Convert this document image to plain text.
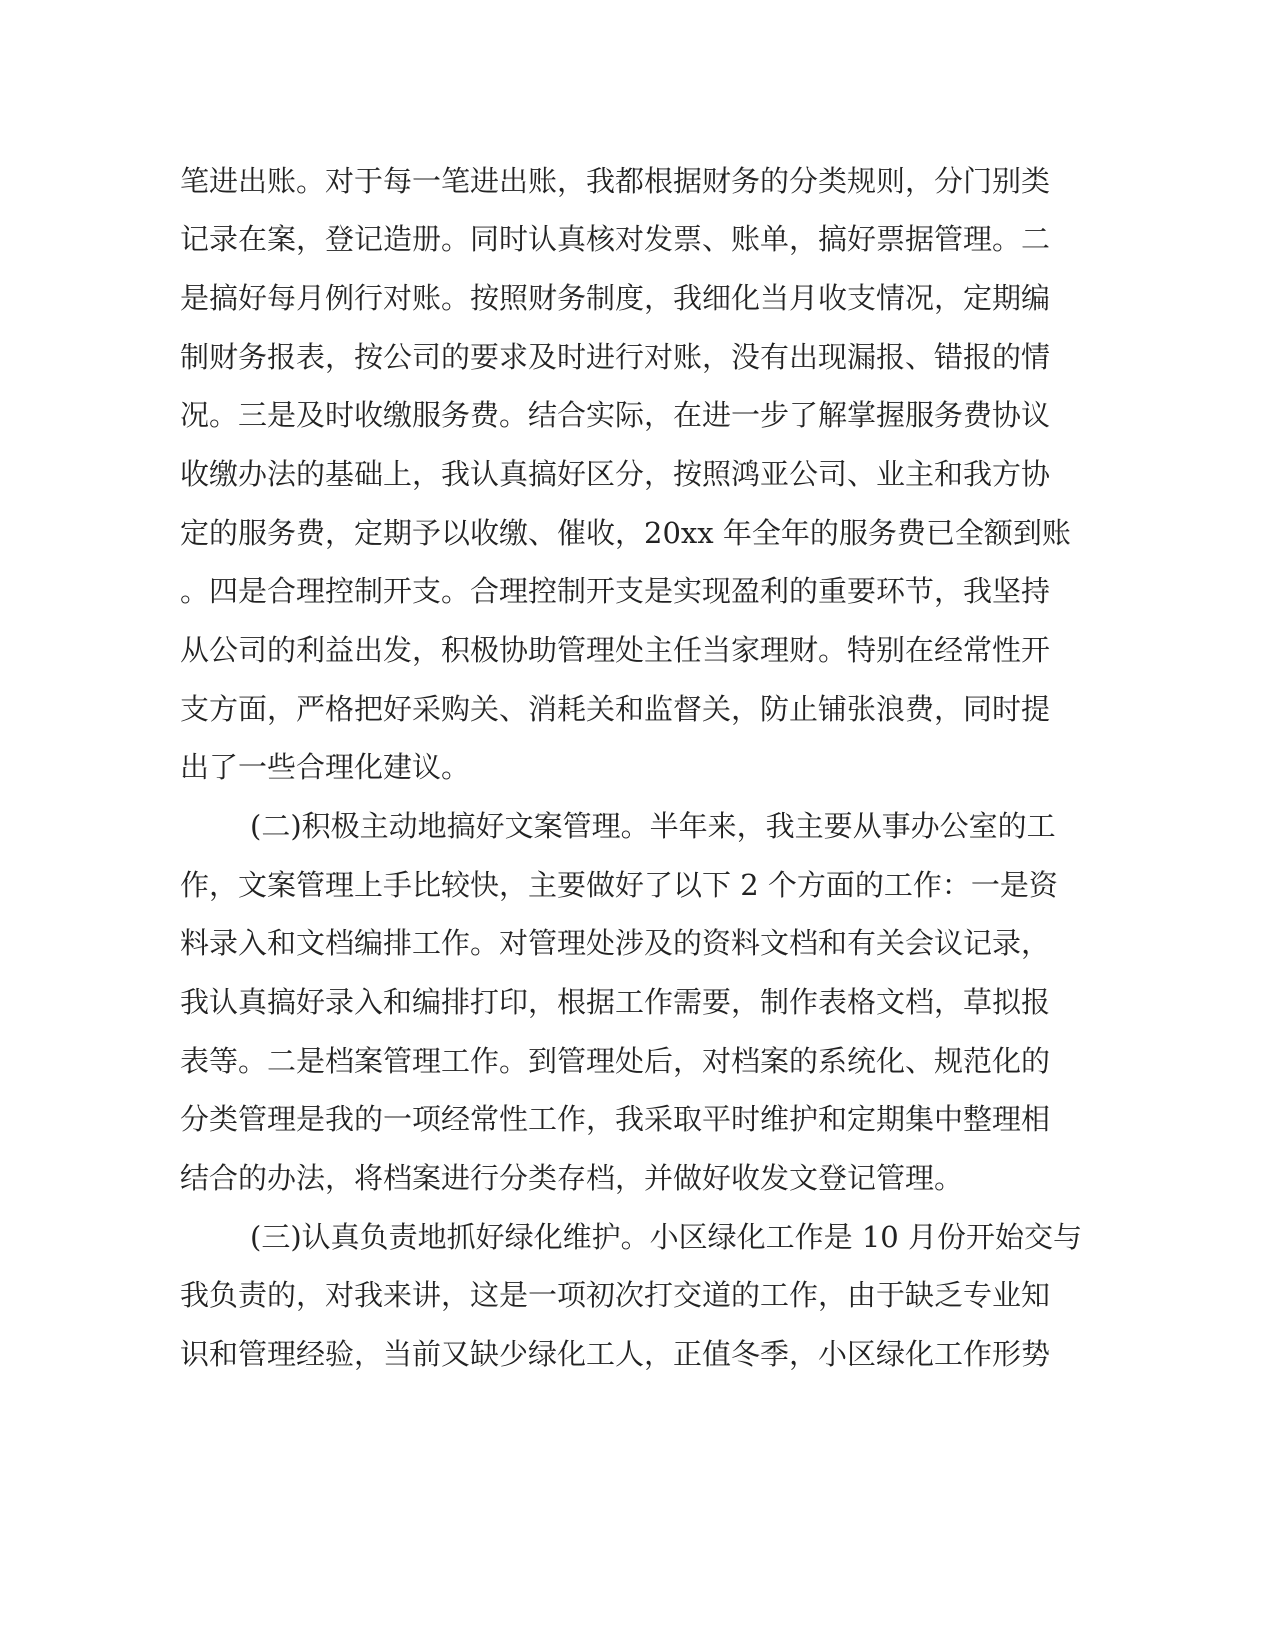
笔进出账。对于每一笔进出账，我都根据财务的分类规则，分门别类
记录在案，登记造册。同时认真核对发票、账单，搞好票据管理。二
是搞好每月例行对账。按照财务制度，我细化当月收支情况，定期编
制财务报表，按公司的要求及时进行对账，没有出现漏报、错报的情
况。三是及时收缴服务费。结合实际，在进一步了解掌握服务费协议
收缴办法的基础上，我认真搞好区分，按照鸿亚公司、业主和我方协
定的服务费，定期予以收缴、催收，20xx 年全年的服务费已全额到账
。四是合理控制开支。合理控制开支是实现盈利的重要环节，我坚持
从公司的利益出发，积极协助管理处主任当家理财。特别在经常性开
支方面，严格把好采购关、消耗关和监督关，防止铺张浪费，同时提
出了一些合理化建议。
(二)积极主动地搞好文案管理。半年来，我主要从事办公室的工
作，文案管理上手比较快，主要做好了以下 2 个方面的工作：一是资
料录入和文档编排工作。对管理处涉及的资料文档和有关会议记录，
我认真搞好录入和编排打印，根据工作需要，制作表格文档，草拟报
表等。二是档案管理工作。到管理处后，对档案的系统化、规范化的
分类管理是我的一项经常性工作，我采取平时维护和定期集中整理相
结合的办法，将档案进行分类存档，并做好收发文登记管理。
(三)认真负责地抓好绿化维护。小区绿化工作是 10 月份开始交与
我负责的，对我来讲，这是一项初次打交道的工作，由于缺乏专业知
识和管理经验，当前又缺少绿化工人，正值冬季，小区绿化工作形势
